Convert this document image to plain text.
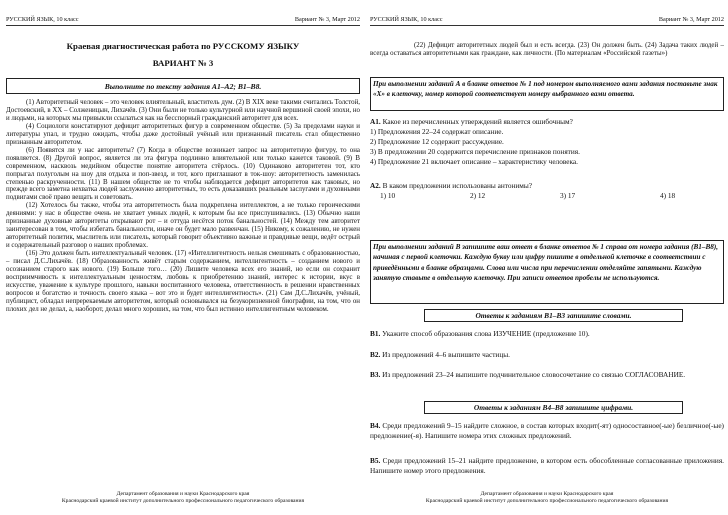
РУССКИЙ ЯЗЫК, 10 класс	Вариант № 3, Март 2012
Краевая диагностическая работа по РУССКОМУ ЯЗЫКУ
ВАРИАНТ № 3
Выполните по тексту задания А1–А2; В1–В8.

(1) Авторитетный человек – это человек влиятельный, властитель дум. (2) В XIX веке такими считались Толстой, Достоевский, в XX – Солженицын, Лихачёв. (3) Они были не только культурной или научной вершиной своей эпохи, но и людьми, на которых мы привыкли ссылаться как на бесспорный гражданский авторитет для всех.

(4) Социологи констатируют дефицит авторитетных фигур в современном обществе. (5) За пределами науки и литературы упал, и трудно ожидать, чтобы даже достойный учёный или признанный писатель стал общественно признанным авторитетом.

(6) Появятся ли у нас авторитеты? (7) Когда в обществе возникает запрос на авторитетную фигуру, то она появляется. (8) Другой вопрос, является ли эта фигура подлинно влиятельной или только кажется таковой. (9) В современном, насквозь медийном обществе понятие авторитета стёрлось. (10) Одинаково авторитетен тот, кто попрыгал полуголым на шоу для отдыха и поп-звезд, и тот, кого приглашают в ток-шоу: авторитетность заменилась степенью раскрученности. (11) В нашем обществе не то чтобы наблюдается дефицит авторитетов как таковых, но прежде всего заметна нехватка людей заслуженно авторитетных, то есть доказавших реальным заслугами и духовными подвигами своё право вещать и советовать.

(12) Хотелось бы также, чтобы эта авторитетность была подкреплена интеллектом, а не только героическими деяниями: у нас в обществе очень не хватает умных людей, к которым бы все прислушивались. (13) Обычно наши признанные духовные авторитеты открывают рот – и оттуда несётся поток банальностей. (14) Между тем авторитет заинтересован в том, чтобы избегать банальности, иначе он будет мало развенчан. (15) Никому, к сожалению, не нужен авторитетный политик, мыслитель или писатель, который говорит объективно важные и правдивые вещи, ведёт острый и содержательный разговор о наших проблемах.

(16) Это должен быть интеллектуальный человек. (17) «Интеллигентность нельзя смешивать с образованностью, – писал Д.С.Лихачёв. (18) Образованность живёт старым содержанием, интеллигентность – созданием нового и осознанием старого как нового. (19) Больше того… (20) Лишите человека всех его знаний, но если он сохранит восприимчивость к интеллектуальным ценностям, любовь к приобретению знаний, интерес к истории, вкус в искусстве, уважение к культуре прошлого, навыки воспитанного человека, ответственность в решении нравственных вопросов и богатство и точность своего языка – вот это и будет интеллигентность». (21) Сам Д.С.Лихачёв, учёный, публицист, обладал непререкаемым авторитетом, который основывался на безукоризненной биографии, на том, что он плохих дел не делал, а, наоборот, делал много хороших, на том, что был истинно интеллигентным человеком.

Департамент образования и науки Краснодарского края
Краснодарский краевой институт дополнительного профессионального педагогического образования
РУССКИЙ ЯЗЫК, 10 класс	Вариант № 3, Март 2012

(22) Дефицит авторитетных людей был и есть всегда. (23) Он должен быть. (24) Задача таких людей – всегда оставаться авторитетными как граждане, как личности. (По материалам «Российской газеты»)

При выполнении заданий А в бланке ответов № 1 под номером выполняемого вами задания поставьте знак «Х» в клеточку, номер которой соответствует номеру выбранного вами ответа.
А1. Какое из перечисленных утверждений является ошибочным?
1) Предложения 22–24 содержат описание.
2) Предложение 12 содержит рассуждение.
3) В предложении 20 содержится перечисление признаков понятия.
4) Предложение 21 включает описание – характеристику человека.
А2. В каком предложении использованы антонимы?
1) 10	2) 12	3) 17	4) 18
При выполнении заданий В запишите ваш ответ в бланке ответов № 1 справа от номера задания (В1–В8), начиная с первой клеточки. Каждую букву или цифру пишите в отдельной клеточке в соответствии с приведёнными в бланке образцами. Слова или числа при перечислении отделяйте запятыми. Каждую занятую ставьте в отдельную клеточку. При записи ответов пробелы не используются.
Ответы к заданиям В1–В3 запишите словами.
В1. Укажите способ образования слова ИЗУЧЕНИЕ (предложение 10).
В2. Из предложений 4–6 выпишите частицы.
В3. Из предложений 23–24 выпишите подчинительное словосочетание со связью СОГЛАСОВАНИЕ.
Ответы к заданиям В4–В8 запишите цифрами.
В4. Среди предложений 9–15 найдите сложное, в состав которых входит(-ят) односоставное(-ые) безличное(-ые) предложение(-я). Напишите номера этих сложных предложений.
В5. Среди предложений 15–21 найдите предложение, в котором есть обособленные согласованные приложения. Напишите номер этого предложения.
Департамент образования и науки Краснодарского края
Краснодарский краевой институт дополнительного профессионального педагогического образования
